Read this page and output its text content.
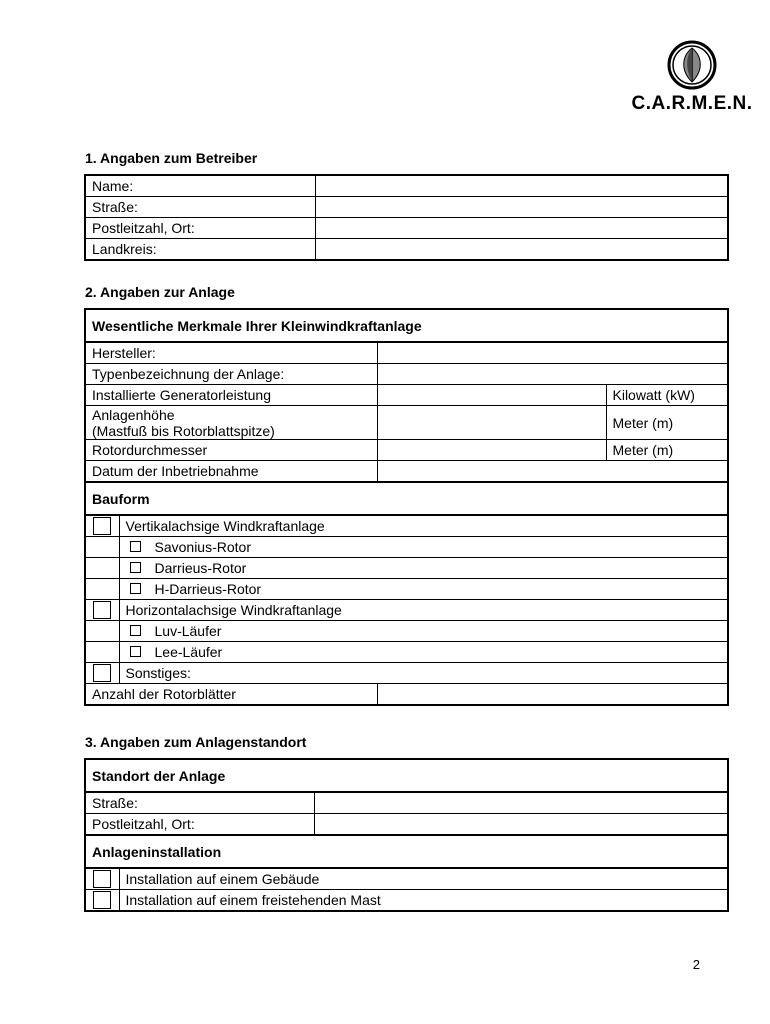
C.A.R.M.E.N.
1. Angaben zum Betreiber
Name:	
Straße:	
Postleitzahl, Ort:	
Landkreis:	
2. Angaben zur Anlage
Wesentliche Merkmale Ihrer Kleinwindkraftanlage			
Hersteller:			
Typenbezeichnung der Anlage:			
Installierte Generatorleistung			Kilowatt (kW)
Anlagenhöhe
(Mastfuß bis Rotorblattspitze)			Meter (m)
Rotordurchmesser			Meter (m)
Datum der Inbetriebnahme			
Bauform			

	Vertikalachsige Windkraftanlage		
	Savonius-Rotor		
	Darrieus-Rotor		
	H-Darrieus-Rotor		

	Horizontalachsige Windkraftanlage		
	Luv-Läufer		
	Lee-Läufer		

	Sonstiges:		
Anzahl der Rotorblätter			
3. Angaben zum Anlagenstandort
Standort der Anlage		
Straße:		
Postleitzahl, Ort:		
Anlageninstallation		

	Installation auf einem Gebäude	

	Installation auf einem freistehenden Mast	
2
